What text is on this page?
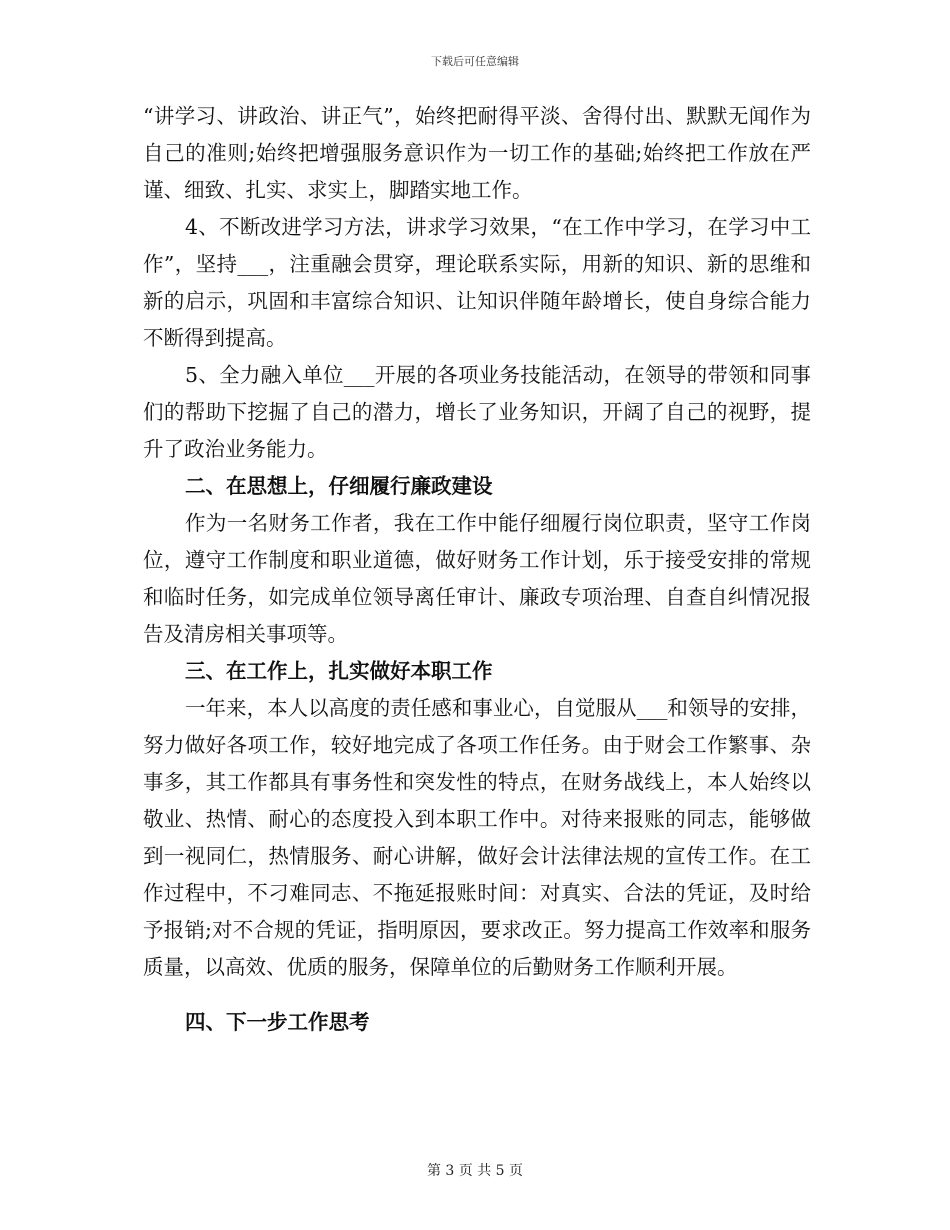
下载后可任意编辑

“讲学习、讲政治、讲正气”，始终把耐得平淡、舍得付出、默默无闻作为自己的准则;始终把增强服务意识作为一切工作的基础;始终把工作放在严谨、细致、扎实、求实上，脚踏实地工作。

4、不断改进学习方法，讲求学习效果，“在工作中学习，在学习中工作”，坚持___，注重融会贯穿，理论联系实际，用新的知识、新的思维和新的启示，巩固和丰富综合知识、让知识伴随年龄增长，使自身综合能力不断得到提高。

5、全力融入单位___开展的各项业务技能活动，在领导的带领和同事们的帮助下挖掘了自己的潜力，增长了业务知识，开阔了自己的视野，提升了政治业务能力。

二、在思想上，仔细履行廉政建设

作为一名财务工作者，我在工作中能仔细履行岗位职责，坚守工作岗位，遵守工作制度和职业道德，做好财务工作计划，乐于接受安排的常规和临时任务，如完成单位领导离任审计、廉政专项治理、自查自纠情况报告及清房相关事项等。

三、在工作上，扎实做好本职工作

一年来，本人以高度的责任感和事业心，自觉服从___和领导的安排，努力做好各项工作，较好地完成了各项工作任务。由于财会工作繁事、杂事多，其工作都具有事务性和突发性的特点，在财务战线上，本人始终以敬业、热情、耐心的态度投入到本职工作中。对待来报账的同志，能够做到一视同仁，热情服务、耐心讲解，做好会计法律法规的宣传工作。在工作过程中，不刁难同志、不拖延报账时间：对真实、合法的凭证，及时给予报销;对不合规的凭证，指明原因，要求改正。努力提高工作效率和服务质量，以高效、优质的服务，保障单位的后勤财务工作顺利开展。

四、下一步工作思考

第 3 页 共 5 页
